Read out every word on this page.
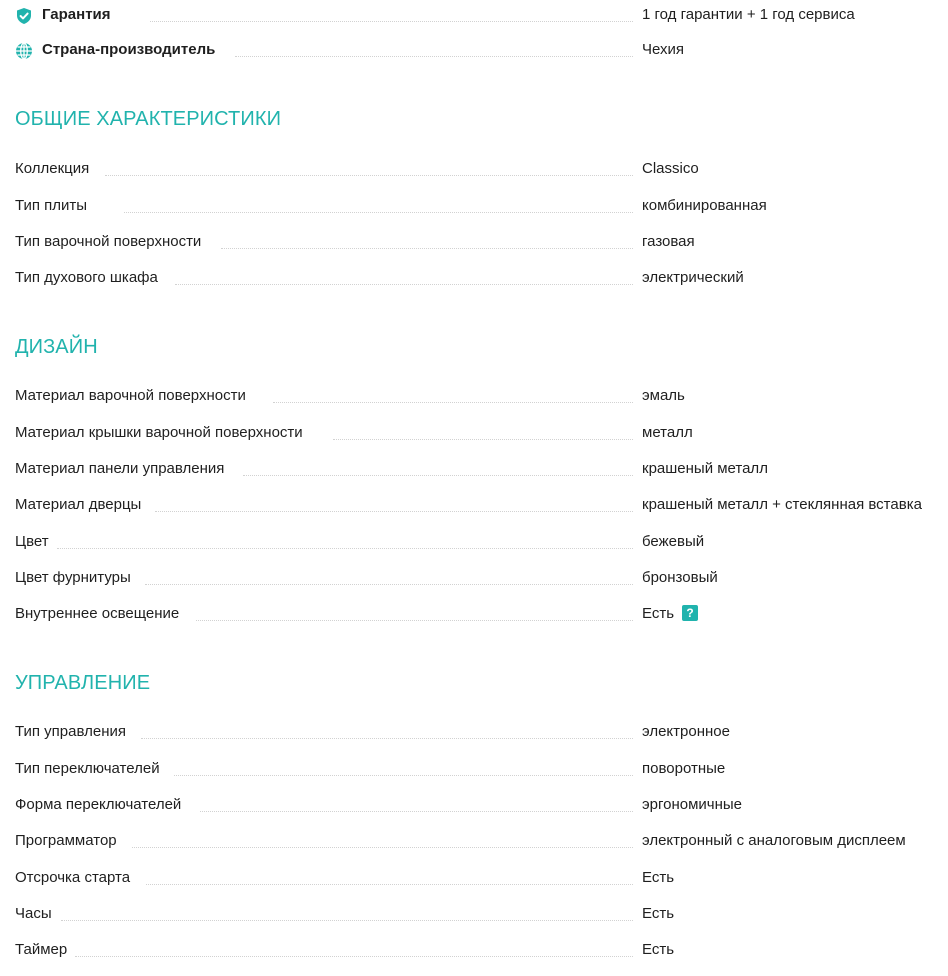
Гарантия	1 год гарантии + 1 год сервиса
Страна-производитель	Чехия
ОБЩИЕ ХАРАКТЕРИСТИКИ
Коллекция	Classico
Тип плиты	комбинированная
Тип варочной поверхности	газовая
Тип духового шкафа	электрический
ДИЗАЙН
Материал варочной поверхности	эмаль
Материал крышки варочной поверхности	металл
Материал панели управления	крашеный металл
Материал дверцы	крашеный металл + стеклянная вставка
Цвет	бежевый
Цвет фурнитуры	бронзовый
Внутреннее освещение	Есть ?
УПРАВЛЕНИЕ
Тип управления	электронное
Тип переключателей	поворотные
Форма переключателей	эргономичные
Программатор	электронный с аналоговым дисплеем
Отсрочка старта	Есть
Часы	Есть
Таймер	Есть
